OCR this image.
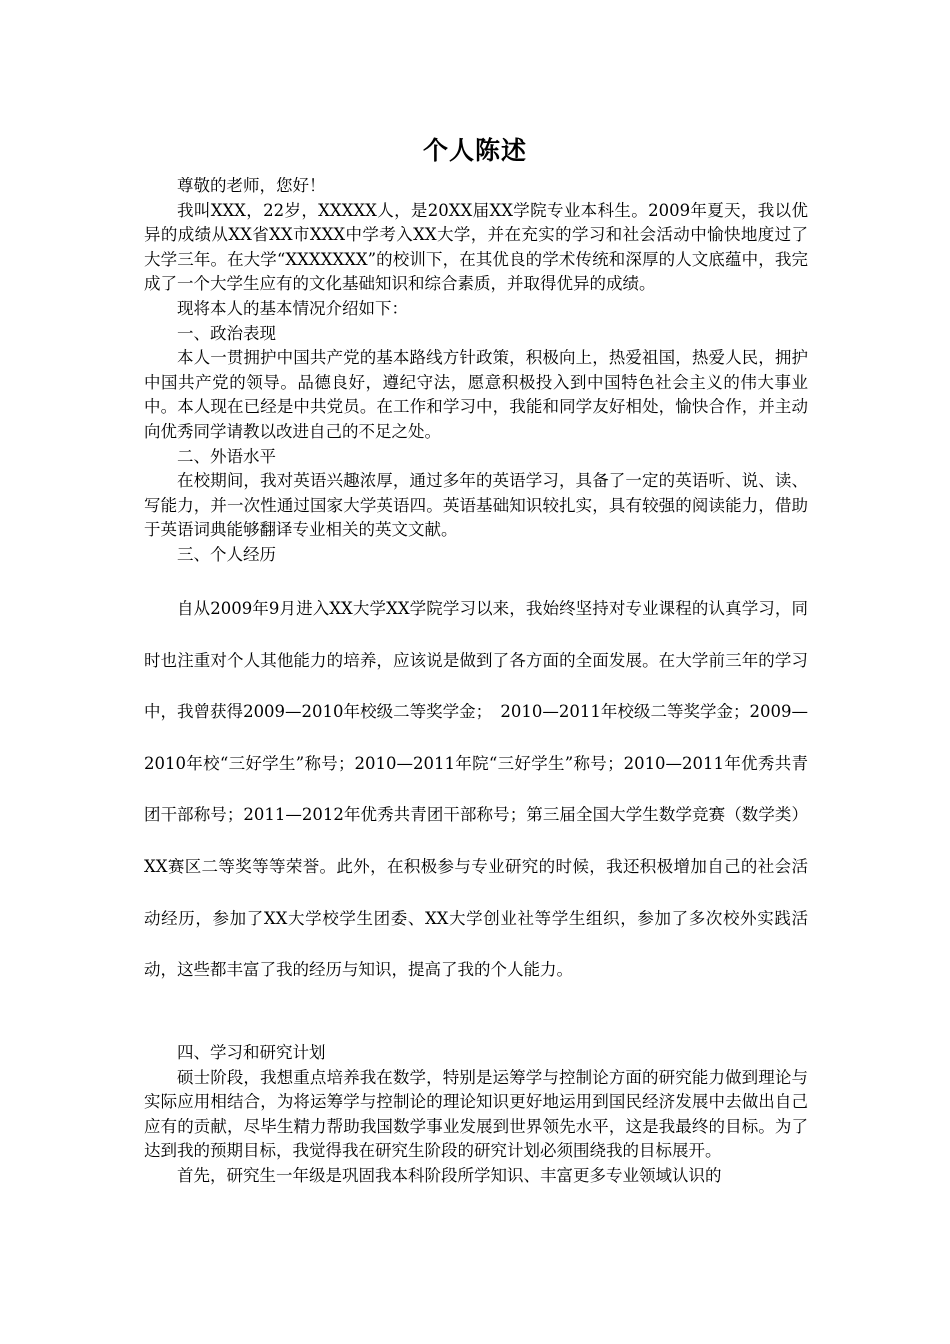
个人陈述

尊敬的老师，您好！

我叫XXX，22岁，XXXXX人，是20XX届XX学院专业本科生。2009年夏天，我以优异的成绩从XX省XX市XXX中学考入XX大学，并在充实的学习和社会活动中愉快地度过了大学三年。在大学“XXXXXXX”的校训下，在其优良的学术传统和深厚的人文底蕴中，我完成了一个大学生应有的文化基础知识和综合素质，并取得优异的成绩。

现将本人的基本情况介绍如下：

一、政治表现

本人一贯拥护中国共产党的基本路线方针政策，积极向上，热爱祖国，热爱人民，拥护中国共产党的领导。品德良好，遵纪守法，愿意积极投入到中国特色社会主义的伟大事业中。本人现在已经是中共党员。在工作和学习中，我能和同学友好相处，愉快合作，并主动向优秀同学请教以改进自己的不足之处。

二、外语水平

在校期间，我对英语兴趣浓厚，通过多年的英语学习，具备了一定的英语听、说、读、写能力，并一次性通过国家大学英语四。英语基础知识较扎实，具有较强的阅读能力，借助于英语词典能够翻译专业相关的英文文献。

三、个人经历

自从2009年9月进入XX大学XX学院学习以来，我始终坚持对专业课程的认真学习，同时也注重对个人其他能力的培养，应该说是做到了各方面的全面发展。在大学前三年的学习中，我曾获得2009—2010年校级二等奖学金；　2010—2011年校级二等奖学金；2009—2010年校“三好学生”称号；2010—2011年院“三好学生”称号；2010—2011年优秀共青团干部称号；2011—2012年优秀共青团干部称号；第三届全国大学生数学竞赛（数学类）XX赛区二等奖等等荣誉。此外，在积极参与专业研究的时候，我还积极增加自己的社会活动经历，参加了XX大学校学生团委、XX大学创业社等学生组织，参加了多次校外实践活动，这些都丰富了我的经历与知识，提高了我的个人能力。

四、学习和研究计划

硕士阶段，我想重点培养我在数学，特别是运筹学与控制论方面的研究能力做到理论与实际应用相结合，为将运筹学与控制论的理论知识更好地运用到国民经济发展中去做出自己应有的贡献，尽毕生精力帮助我国数学事业发展到世界领先水平，这是我最终的目标。为了达到我的预期目标，我觉得我在研究生阶段的研究计划必须围绕我的目标展开。

首先，研究生一年级是巩固我本科阶段所学知识、丰富更多专业领域认识的
